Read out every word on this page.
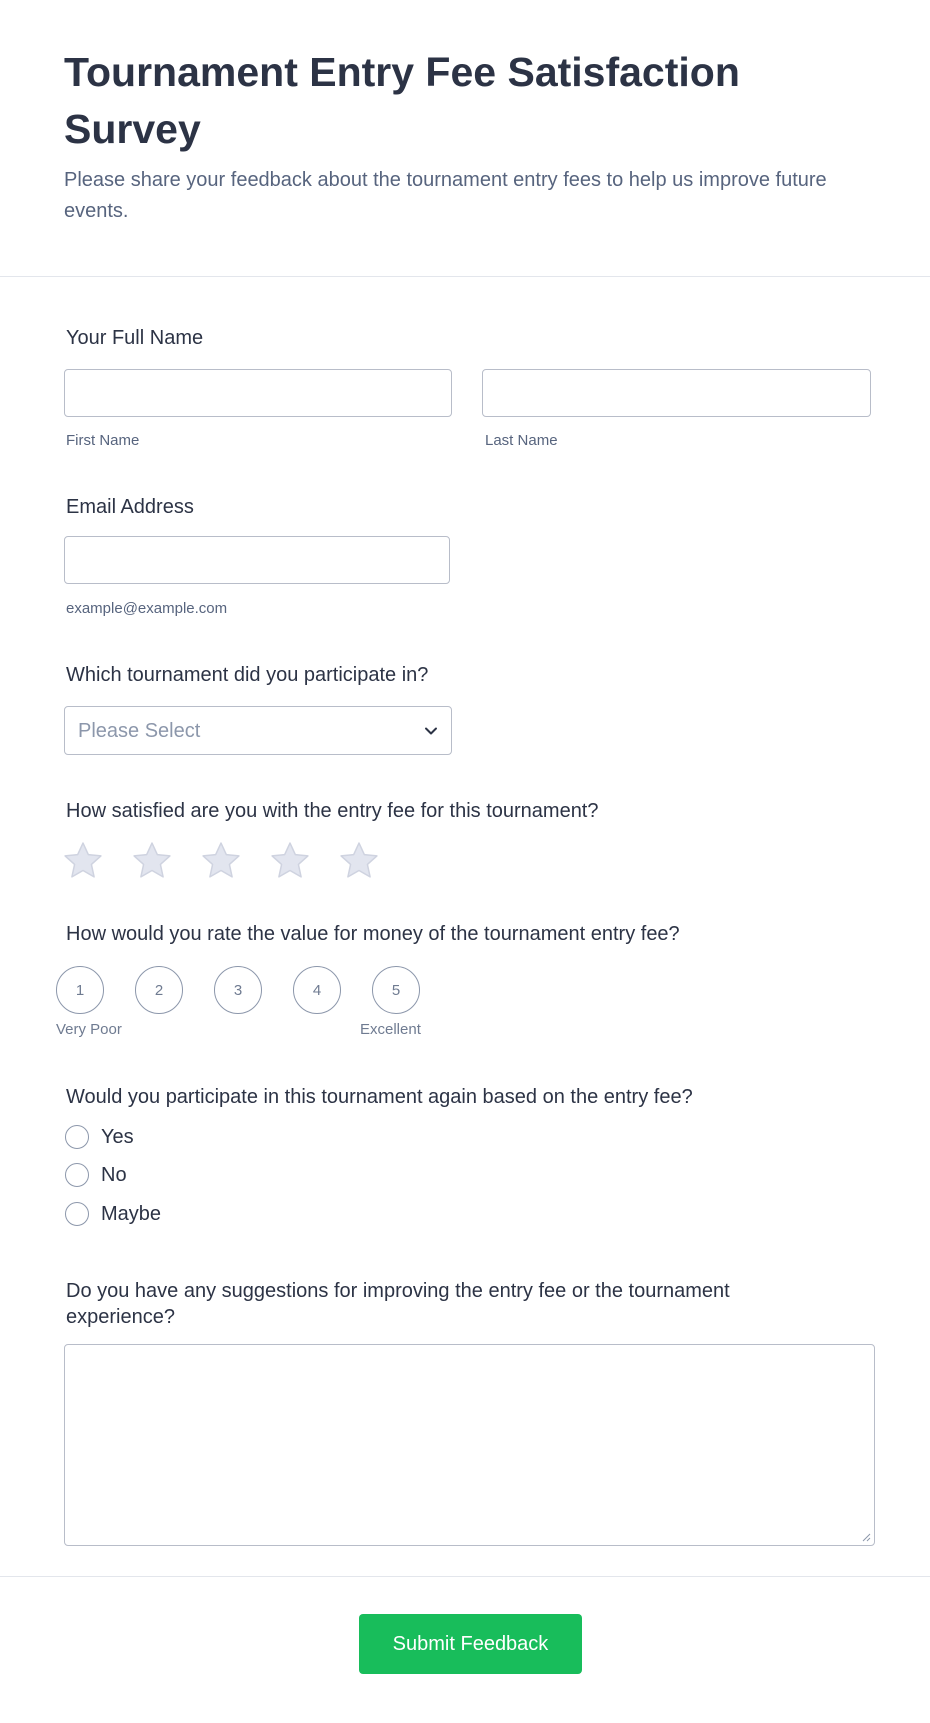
Tournament Entry Fee Satisfaction Survey

Please share your feedback about the tournament entry fees to help us improve future events.

Your Full Name
First Name	Last Name
Email Address
example@example.com
Which tournament did you participate in?
Please Select
How satisfied are you with the entry fee for this tournament?
How would you rate the value for money of the tournament entry fee?
1	2	3	4	5
Very Poor	Excellent
Would you participate in this tournament again based on the entry fee?
Yes
No
Maybe
Do you have any suggestions for improving the entry fee or the tournament experience?
Submit Feedback
